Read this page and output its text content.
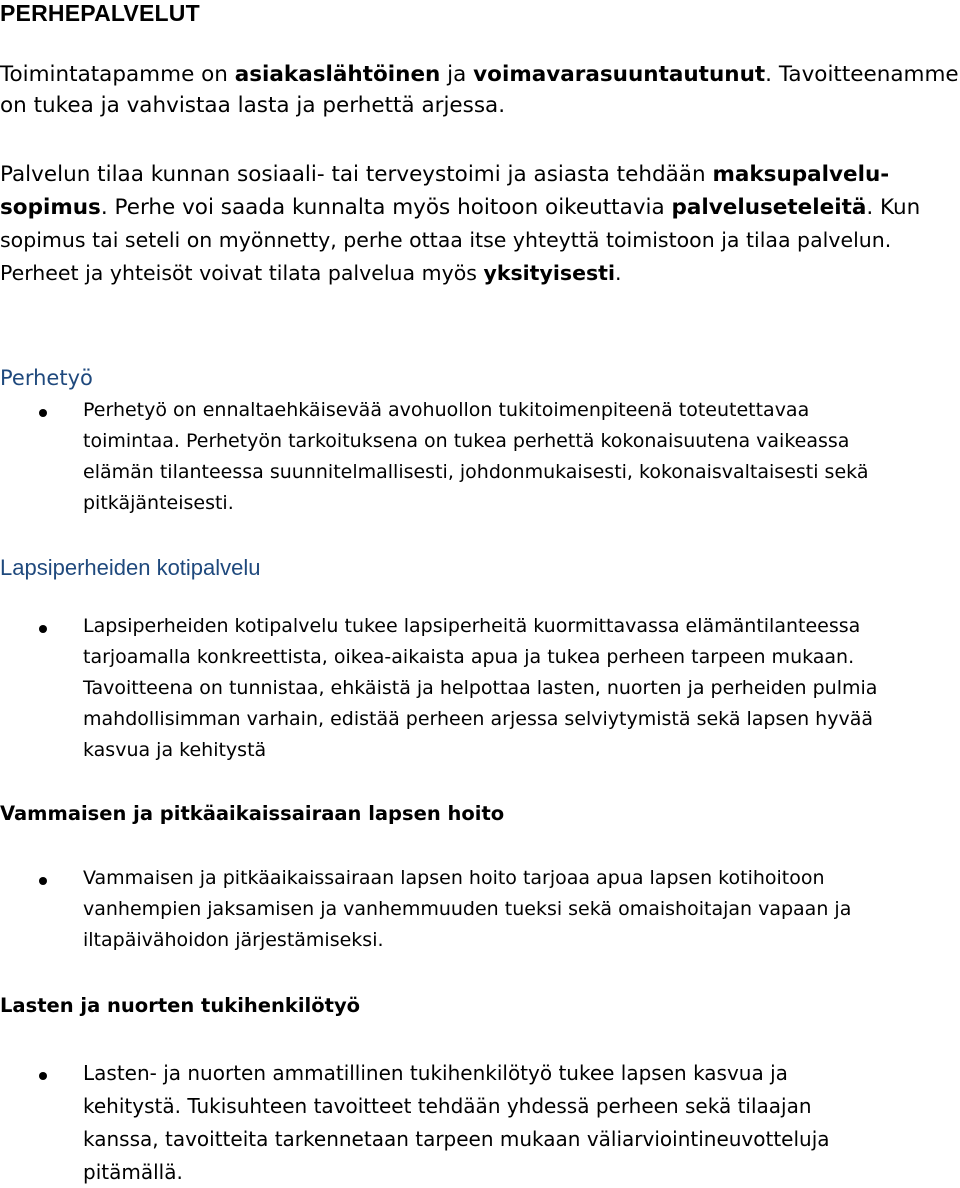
PERHEPALVELUT
Toimintatapamme on asiakaslähtöinen ja voimavarasuuntautunut. Tavoitteenamme
on tukea ja vahvistaa lasta ja perhettä arjessa.
Palvelun tilaa kunnan sosiaali- tai terveystoimi ja asiasta tehdään maksupalvelu-
sopimus. Perhe voi saada kunnalta myös hoitoon oikeuttavia palveluseteleitä. Kun
sopimus tai seteli on myönnetty, perhe ottaa itse yhteyttä toimistoon ja tilaa palvelun.
Perheet ja yhteisöt voivat tilata palvelua myös yksityisesti.
Perhetyö
Perhetyö on ennaltaehkäisevää avohuollon tukitoimenpiteenä toteutettavaa
toimintaa. Perhetyön tarkoituksena on tukea perhettä kokonaisuutena vaikeassa
elämän tilanteessa suunnitelmallisesti, johdonmukaisesti, kokonaisvaltaisesti sekä
pitkäjänteisesti.
Lapsiperheiden kotipalvelu
Lapsiperheiden kotipalvelu tukee lapsiperheitä kuormittavassa elämäntilanteessa
tarjoamalla konkreettista, oikea-aikaista apua ja tukea perheen tarpeen mukaan.
Tavoitteena on tunnistaa, ehkäistä ja helpottaa lasten, nuorten ja perheiden pulmia
mahdollisimman varhain, edistää perheen arjessa selviytymistä sekä lapsen hyvää
kasvua ja kehitystä
Vammaisen ja pitkäaikaissairaan lapsen hoito
Vammaisen ja pitkäaikaissairaan lapsen hoito tarjoaa apua lapsen kotihoitoon
vanhempien jaksamisen ja vanhemmuuden tueksi sekä omaishoitajan vapaan ja
iltapäivähoidon järjestämiseksi.
Lasten ja nuorten tukihenkilötyö
Lasten- ja nuorten ammatillinen tukihenkilötyö tukee lapsen kasvua ja
kehitystä. Tukisuhteen tavoitteet tehdään yhdessä perheen sekä tilaajan
kanssa, tavoitteita tarkennetaan tarpeen mukaan väliarviointineuvotteluja
pitämällä.
